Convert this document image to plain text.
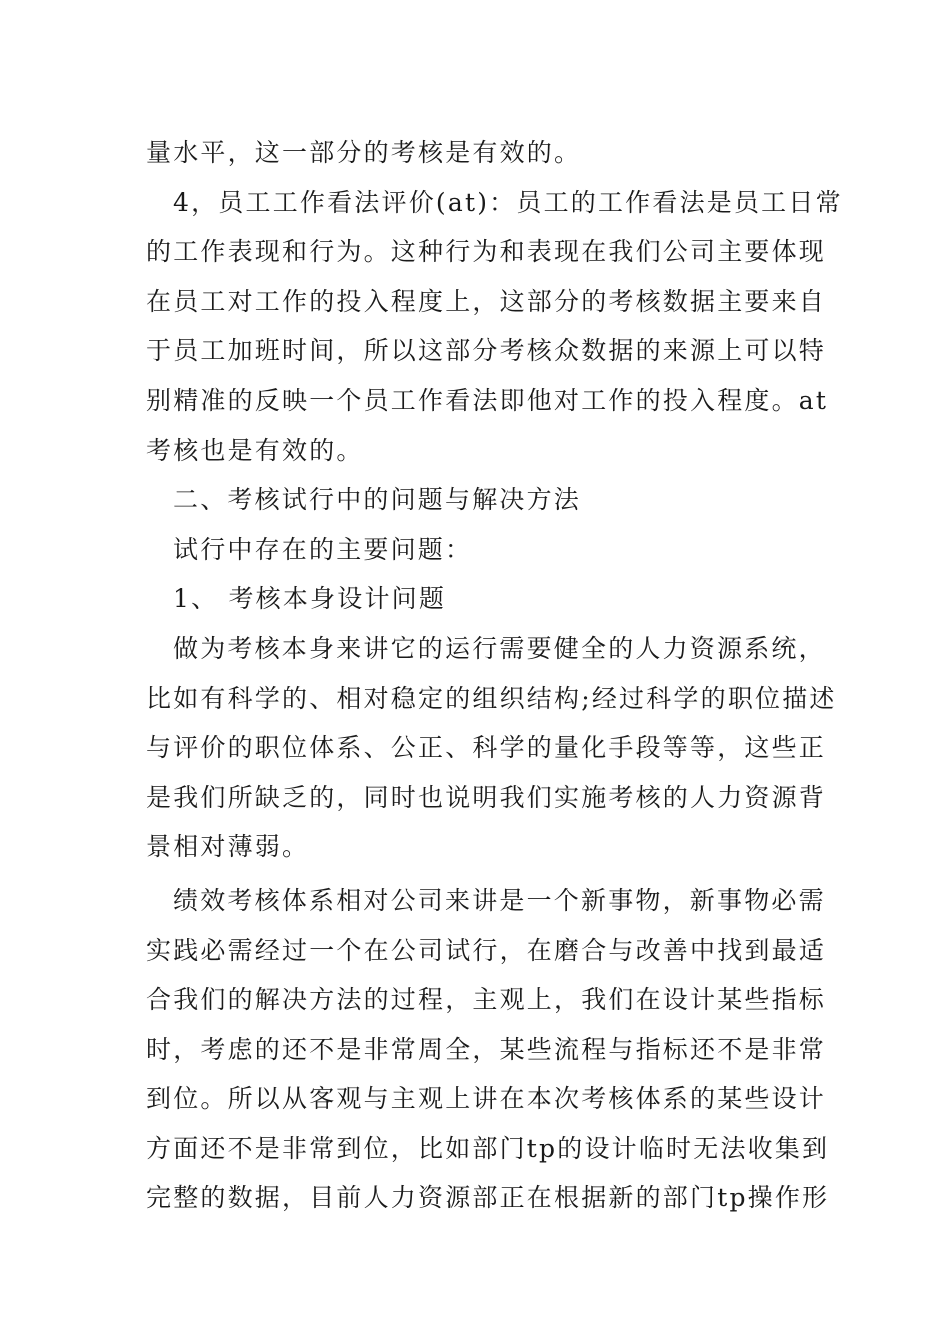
量水平，这一部分的考核是有效的。
4，员工工作看法评价(at)：员工的工作看法是员工日常
的工作表现和行为。这种行为和表现在我们公司主要体现
在员工对工作的投入程度上，这部分的考核数据主要来自
于员工加班时间，所以这部分考核众数据的来源上可以特
别精准的反映一个员工作看法即他对工作的投入程度。at
考核也是有效的。
二、考核试行中的问题与解决方法
试行中存在的主要问题：
1、 考核本身设计问题
做为考核本身来讲它的运行需要健全的人力资源系统，
比如有科学的、相对稳定的组织结构;经过科学的职位描述
与评价的职位体系、公正、科学的量化手段等等，这些正
是我们所缺乏的，同时也说明我们实施考核的人力资源背
景相对薄弱。
绩效考核体系相对公司来讲是一个新事物，新事物必需
实践必需经过一个在公司试行，在磨合与改善中找到最适
合我们的解决方法的过程，主观上，我们在设计某些指标
时，考虑的还不是非常周全，某些流程与指标还不是非常
到位。所以从客观与主观上讲在本次考核体系的某些设计
方面还不是非常到位，比如部门tp的设计临时无法收集到
完整的数据，目前人力资源部正在根据新的部门tp操作形
